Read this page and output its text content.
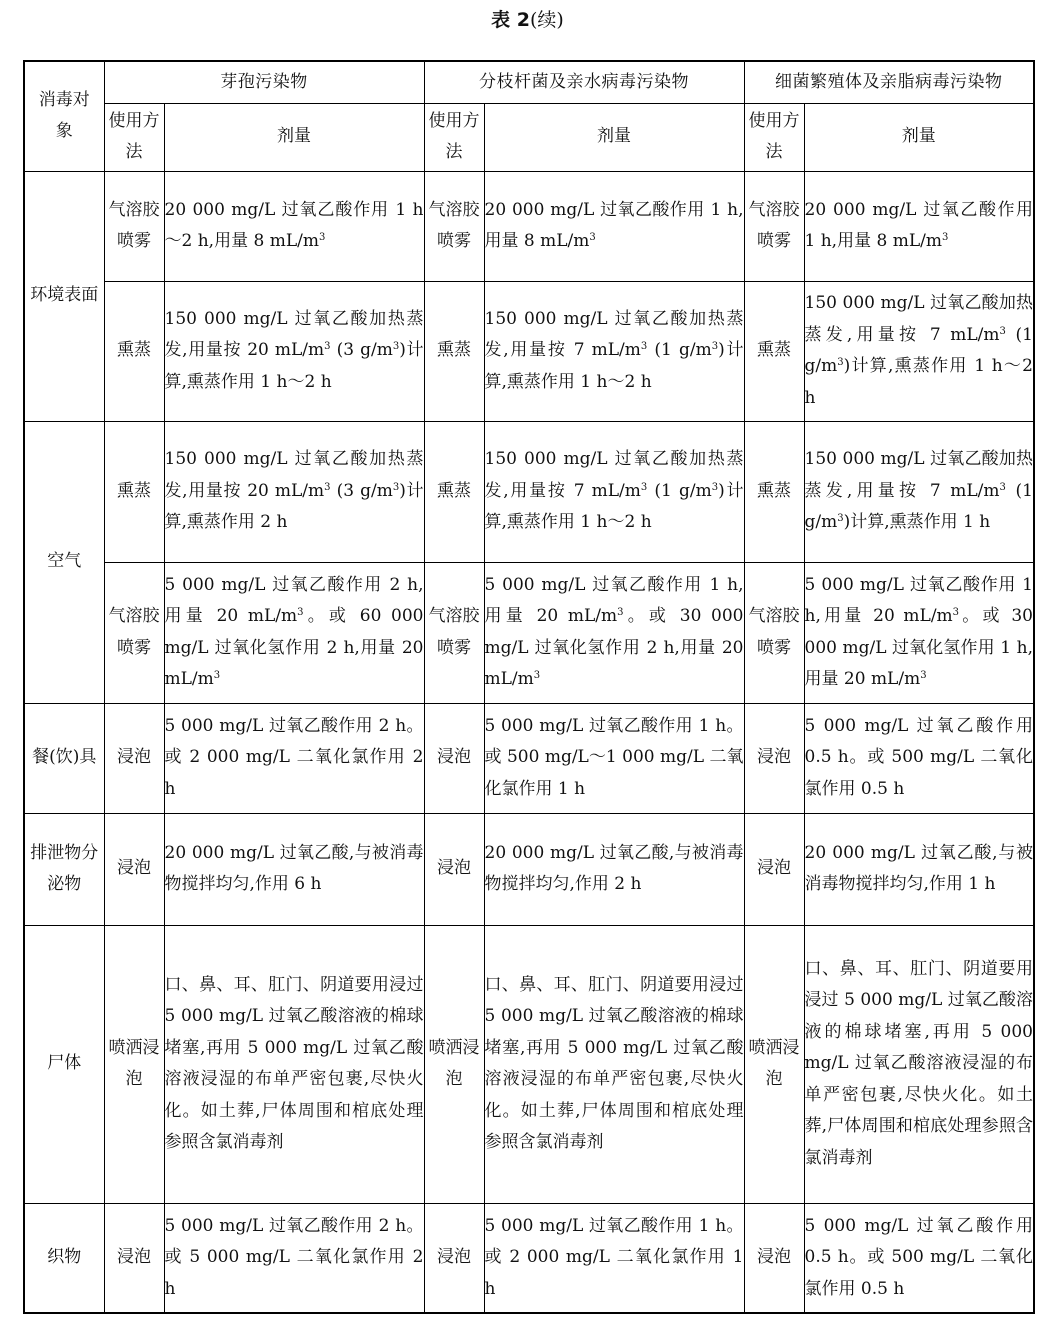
表 2(续)
消毒对象	芽孢污染物		分枝杆菌及亲水病毒污染物		细菌繁殖体及亲脂病毒污染物	
	使用方法	剂量	使用方法	剂量	使用方法	剂量
环境表面	气溶胶喷雾	20 000 mg/L 过氧乙酸作用 1 h～2 h,用量 8 $mL/m^3$	气溶胶喷雾	20 000 mg/L 过氧乙酸作用 1 h,用量 8 $mL/m^3$	气溶胶喷雾	20 000 mg/L 过氧乙酸作用 1 h,用量 8 $mL/m^3$
	熏蒸	150 000 mg/L 过氧乙酸加热蒸发,用量按 20 $mL/m^3$ (3 $g/m^3$)计算,熏蒸作用 1 h～2 h	熏蒸	150 000 mg/L 过氧乙酸加热蒸发,用量按 7 $mL/m^3$ (1 $g/m^3$)计算,熏蒸作用 1 h～2 h	熏蒸	150 000 mg/L 过氧乙酸加热蒸发,用量按 7 $mL/m^3$ (1 $g/m^3$)计算,熏蒸作用 1 h～2 h
空气	熏蒸	150 000 mg/L 过氧乙酸加热蒸发,用量按 20 $mL/m^3$ (3 $g/m^3$)计算,熏蒸作用 2 h	熏蒸	150 000 mg/L 过氧乙酸加热蒸发,用量按 7 $mL/m^3$ (1 $g/m^3$)计算,熏蒸作用 1 h～2 h	熏蒸	150 000 mg/L 过氧乙酸加热蒸发,用量按 7 $mL/m^3$ (1 $g/m^3$)计算,熏蒸作用 1 h
	气溶胶喷雾	5 000 mg/L 过氧乙酸作用 2 h,用量 20 $mL/m^3$。或 60 000 mg/L 过氧化氢作用 2 h,用量 20 $mL/m^3$	气溶胶喷雾	5 000 mg/L 过氧乙酸作用 1 h,用量 20 $mL/m^3$。或 30 000 mg/L 过氧化氢作用 2 h,用量 20 $mL/m^3$	气溶胶喷雾	5 000 mg/L 过氧乙酸作用 1 h,用量 20 $mL/m^3$。或 30 000 mg/L 过氧化氢作用 1 h,用量 20 $mL/m^3$
餐(饮)具	浸泡	5 000 mg/L 过氧乙酸作用 2 h。或 2 000 mg/L 二氧化氯作用 2 h	浸泡	5 000 mg/L 过氧乙酸作用 1 h。或 500 mg/L～1 000 mg/L 二氧化氯作用 1 h	浸泡	5 000 mg/L 过氧乙酸作用 0.5 h。或 500 mg/L 二氧化氯作用 0.5 h
排泄物分泌物	浸泡	20 000 mg/L 过氧乙酸,与被消毒物搅拌均匀,作用 6 h	浸泡	20 000 mg/L 过氧乙酸,与被消毒物搅拌均匀,作用 2 h	浸泡	20 000 mg/L 过氧乙酸,与被消毒物搅拌均匀,作用 1 h
尸体	喷洒浸泡	口、鼻、耳、肛门、阴道要用浸过 5 000 mg/L 过氧乙酸溶液的棉球堵塞,再用 5 000 mg/L 过氧乙酸溶液浸湿的布单严密包裹,尽快火化。如土葬,尸体周围和棺底处理参照含氯消毒剂	喷洒浸泡	口、鼻、耳、肛门、阴道要用浸过 5 000 mg/L 过氧乙酸溶液的棉球堵塞,再用 5 000 mg/L 过氧乙酸溶液浸湿的布单严密包裹,尽快火化。如土葬,尸体周围和棺底处理参照含氯消毒剂	喷洒浸泡	口、鼻、耳、肛门、阴道要用浸过 5 000 mg/L 过氧乙酸溶液的棉球堵塞,再用 5 000 mg/L 过氧乙酸溶液浸湿的布单严密包裹,尽快火化。如土葬,尸体周围和棺底处理参照含氯消毒剂
织物	浸泡	5 000 mg/L 过氧乙酸作用 2 h。或 5 000 mg/L 二氧化氯作用 2 h	浸泡	5 000 mg/L 过氧乙酸作用 1 h。或 2 000 mg/L 二氧化氯作用 1 h	浸泡	5 000 mg/L 过氧乙酸作用 0.5 h。或 500 mg/L 二氧化氯作用 0.5 h
